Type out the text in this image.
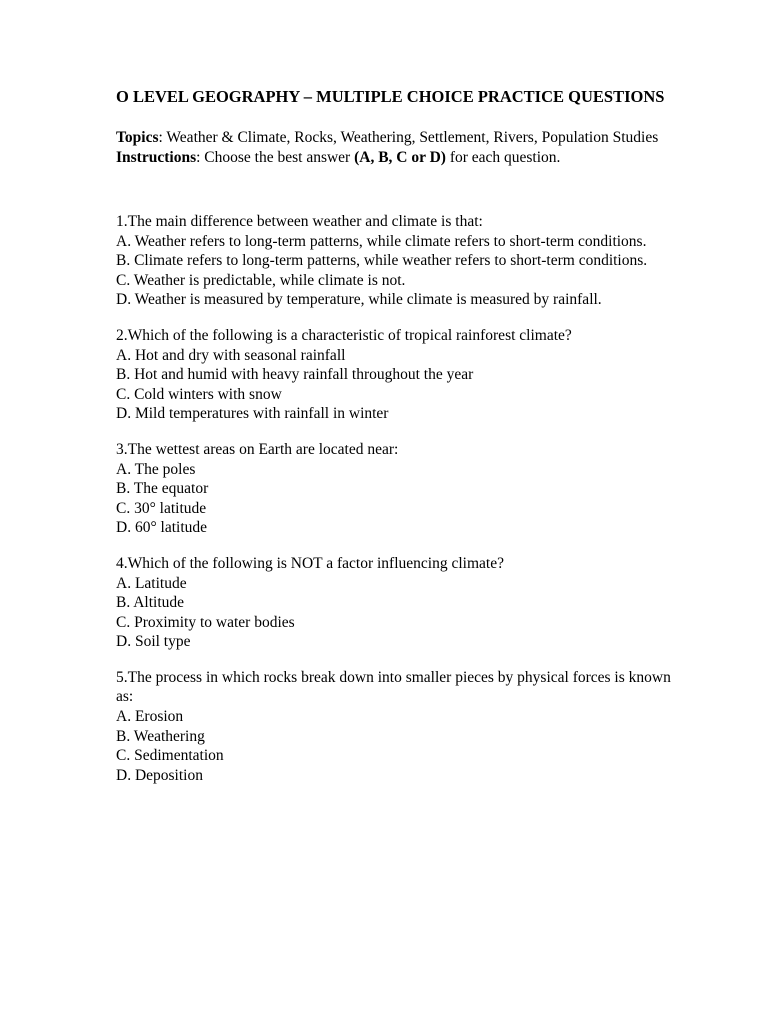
O LEVEL GEOGRAPHY – MULTIPLE CHOICE PRACTICE QUESTIONS

Topics: Weather & Climate, Rocks, Weathering, Settlement, Rivers, Population Studies

Instructions: Choose the best answer (A, B, C or D) for each question.

1.The main difference between weather and climate is that:

A. Weather refers to long-term patterns, while climate refers to short-term conditions.

B. Climate refers to long-term patterns, while weather refers to short-term conditions.

C. Weather is predictable, while climate is not.

D. Weather is measured by temperature, while climate is measured by rainfall.

2.Which of the following is a characteristic of tropical rainforest climate?

A. Hot and dry with seasonal rainfall

B. Hot and humid with heavy rainfall throughout the year

C. Cold winters with snow

D. Mild temperatures with rainfall in winter

3.The wettest areas on Earth are located near:

A. The poles

B. The equator

C. 30° latitude

D. 60° latitude

4.Which of the following is NOT a factor influencing climate?

A. Latitude

B. Altitude

C. Proximity to water bodies

D. Soil type

5.The process in which rocks break down into smaller pieces by physical forces is known as:

A. Erosion

B. Weathering

C. Sedimentation

D. Deposition
